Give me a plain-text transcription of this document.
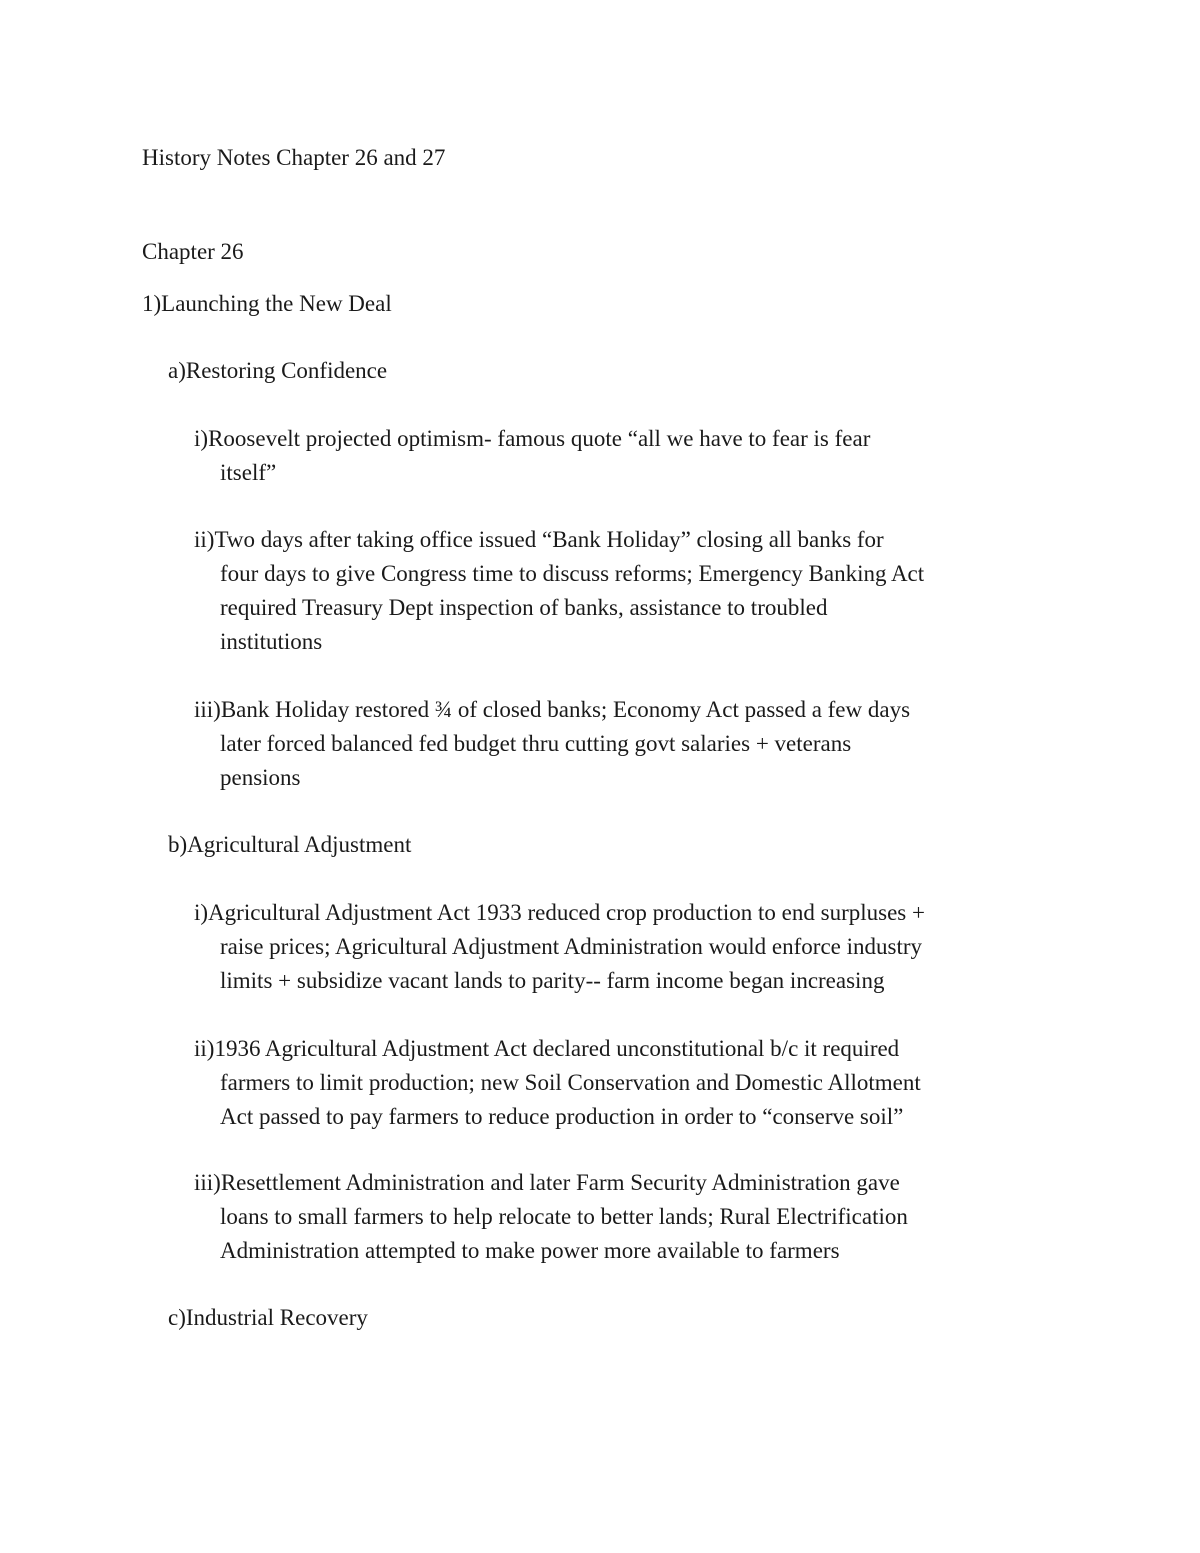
History Notes Chapter 26 and 27
Chapter 26
1)Launching the New Deal
a)Restoring Confidence
i)Roosevelt projected optimism- famous quote “all we have to fear is fear
itself”
ii)Two days after taking office issued “Bank Holiday” closing all banks for
four days to give Congress time to discuss reforms; Emergency Banking Act
required Treasury Dept inspection of banks, assistance to troubled
institutions
iii)Bank Holiday restored ¾ of closed banks; Economy Act passed a few days
later forced balanced fed budget thru cutting govt salaries + veterans
pensions
b)Agricultural Adjustment
i)Agricultural Adjustment Act 1933 reduced crop production to end surpluses +
raise prices; Agricultural Adjustment Administration would enforce industry
limits + subsidize vacant lands to parity-- farm income began increasing
ii)1936 Agricultural Adjustment Act declared unconstitutional b/c it required
farmers to limit production; new Soil Conservation and Domestic Allotment
Act passed to pay farmers to reduce production in order to “conserve soil”
iii)Resettlement Administration and later Farm Security Administration gave
loans to small farmers to help relocate to better lands; Rural Electrification
Administration attempted to make power more available to farmers
c)Industrial Recovery
